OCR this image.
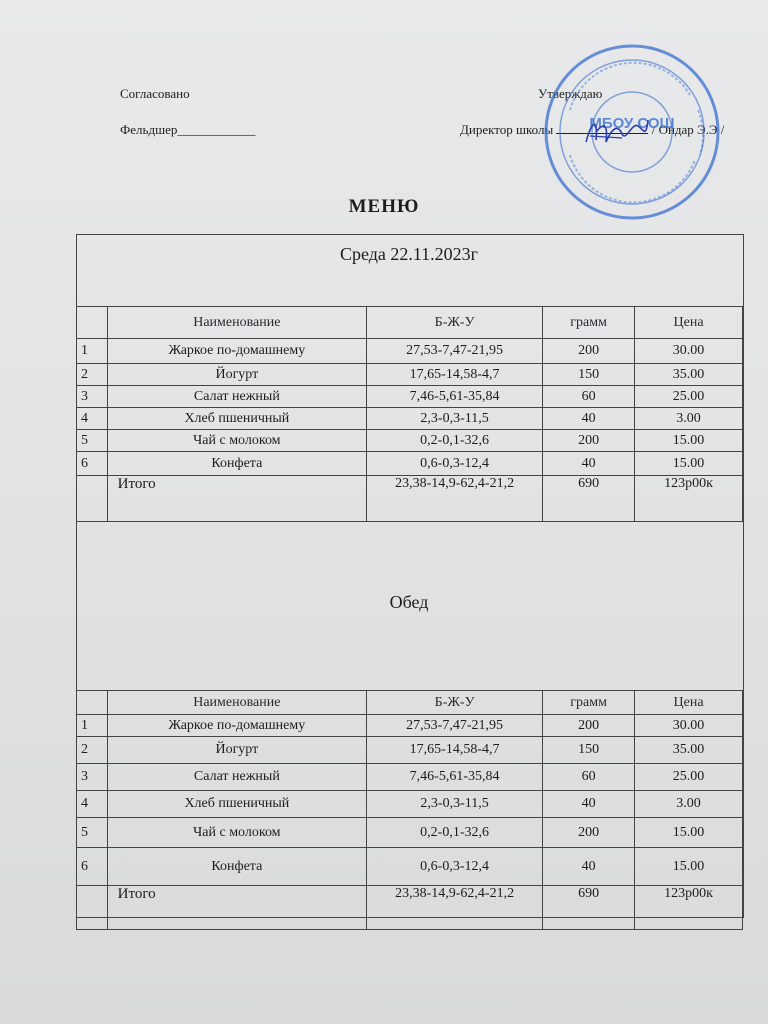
Согласовано
Фельдшер____________
Утверждаю
Директор школы	/ Ондар Э.Э /
МБОУ СОШ
МЕНЮ
Среда 22.11.2023г
	Наименование	Б-Ж-У	грамм	Цена
1	Жаркое по-домашнему	27,53-7,47-21,95	200	30.00
2	Йогурт	17,65-14,58-4,7	150	35.00
3	Салат нежный	7,46-5,61-35,84	60	25.00
4	Хлеб пшеничный	2,3-0,3-11,5	40	3.00
5	Чай с молоком	0,2-0,1-32,6	200	15.00
6	Конфета	0,6-0,3-12,4	40	15.00
	Итого	23,38-14,9-62,4-21,2	690	123р00к
Обед
	Наименование	Б-Ж-У	грамм	Цена
1	Жаркое по-домашнему	27,53-7,47-21,95	200	30.00
2	Йогурт	17,65-14,58-4,7	150	35.00
3	Салат нежный	7,46-5,61-35,84	60	25.00
4	Хлеб пшеничный	2,3-0,3-11,5	40	3.00
5	Чай с молоком	0,2-0,1-32,6	200	15.00
6	Конфета	0,6-0,3-12,4	40	15.00
	Итого	23,38-14,9-62,4-21,2	690	123р00к
